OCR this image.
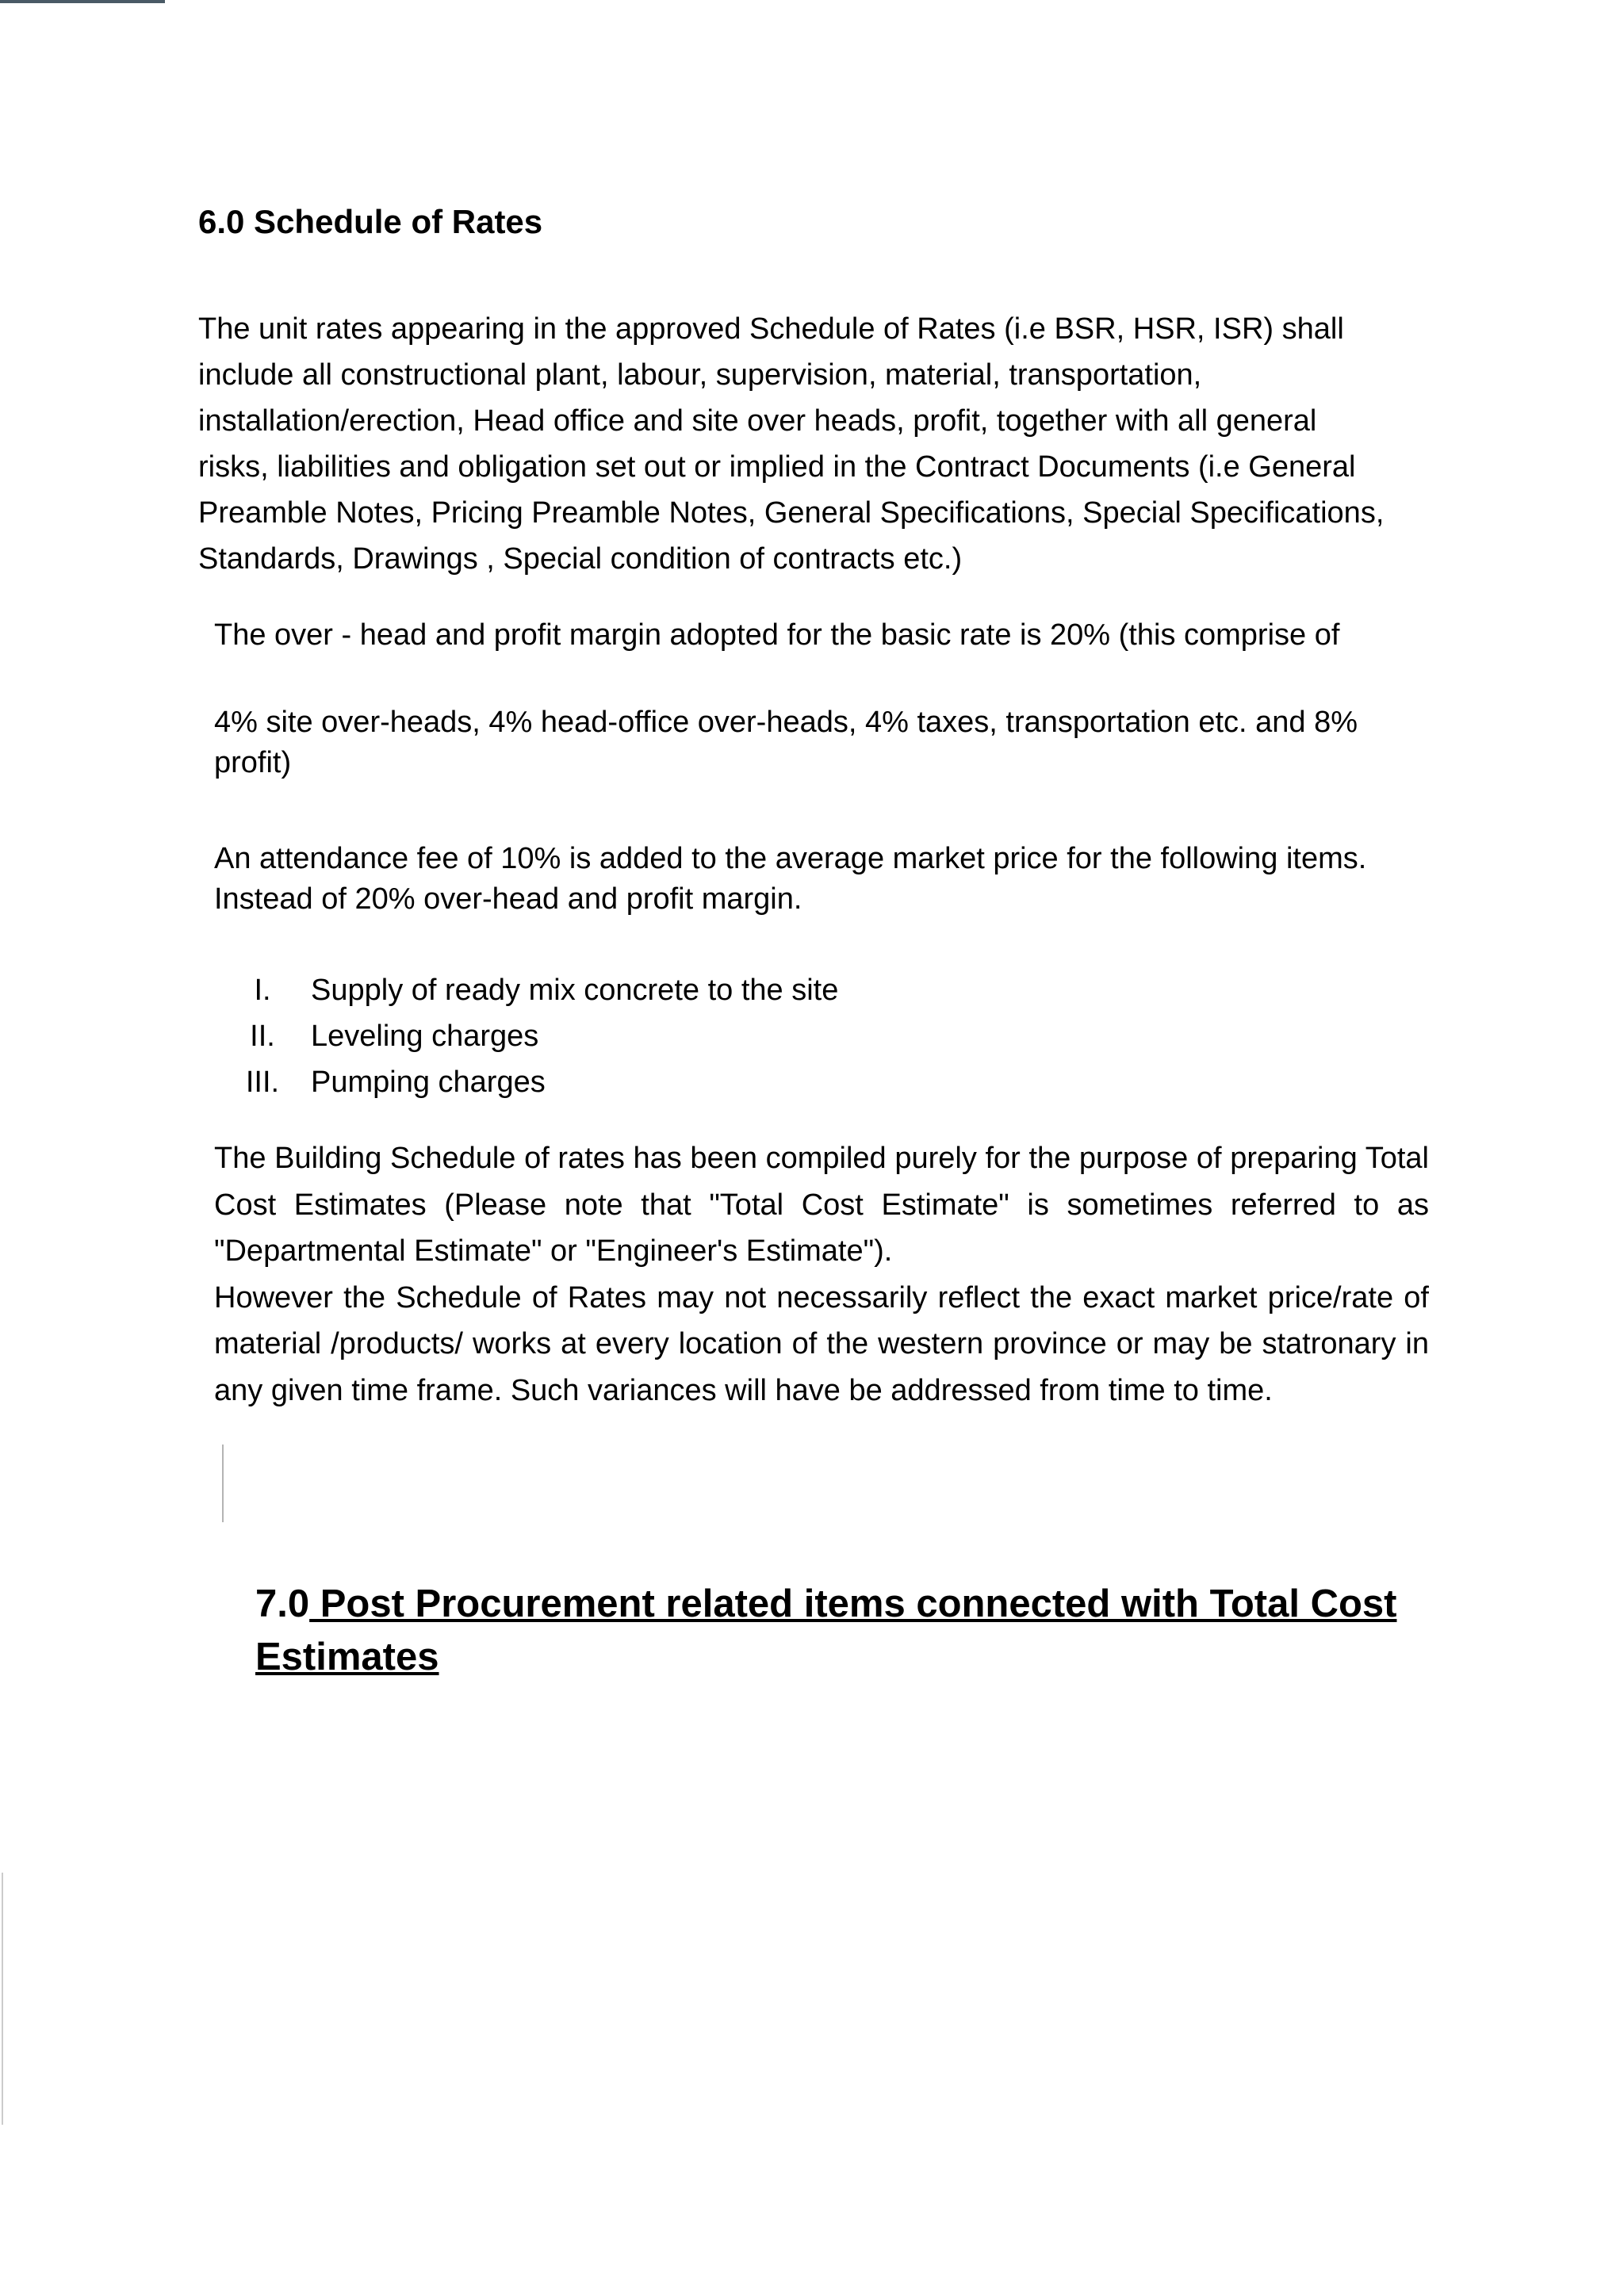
6.0 Schedule of Rates

The unit rates appearing in the approved Schedule of Rates (i.e BSR, HSR, ISR) shall include all constructional plant, labour, supervision, material, transportation, installation/erection, Head office and site over heads, profit, together with all general risks, liabilities and obligation set out or implied in the Contract Documents (i.e General Preamble Notes, Pricing Preamble Notes, General Specifications, Special Specifications, Standards, Drawings , Special condition of contracts etc.)

The over - head and profit margin adopted for the basic rate is 20% (this comprise of

4% site over-heads, 4% head-office over-heads, 4% taxes, transportation etc. and 8% profit)

An attendance fee of 10% is added to the average market price for the following items. Instead of 20% over-head and profit margin.

I.	Supply of ready mix concrete to the site
II.	Leveling charges
III.	Pumping charges

The Building Schedule of rates has been compiled purely for the purpose of preparing Total Cost Estimates (Please note that "Total Cost Estimate" is sometimes referred to as "Departmental Estimate" or "Engineer's Estimate").

However the Schedule of Rates may not necessarily reflect the exact market price/rate of material /products/ works at every location of the western province or may be statronary in any given time frame. Such variances will have be addressed from time to time.

7.0 Post Procurement related items connected with Total Cost Estimates
